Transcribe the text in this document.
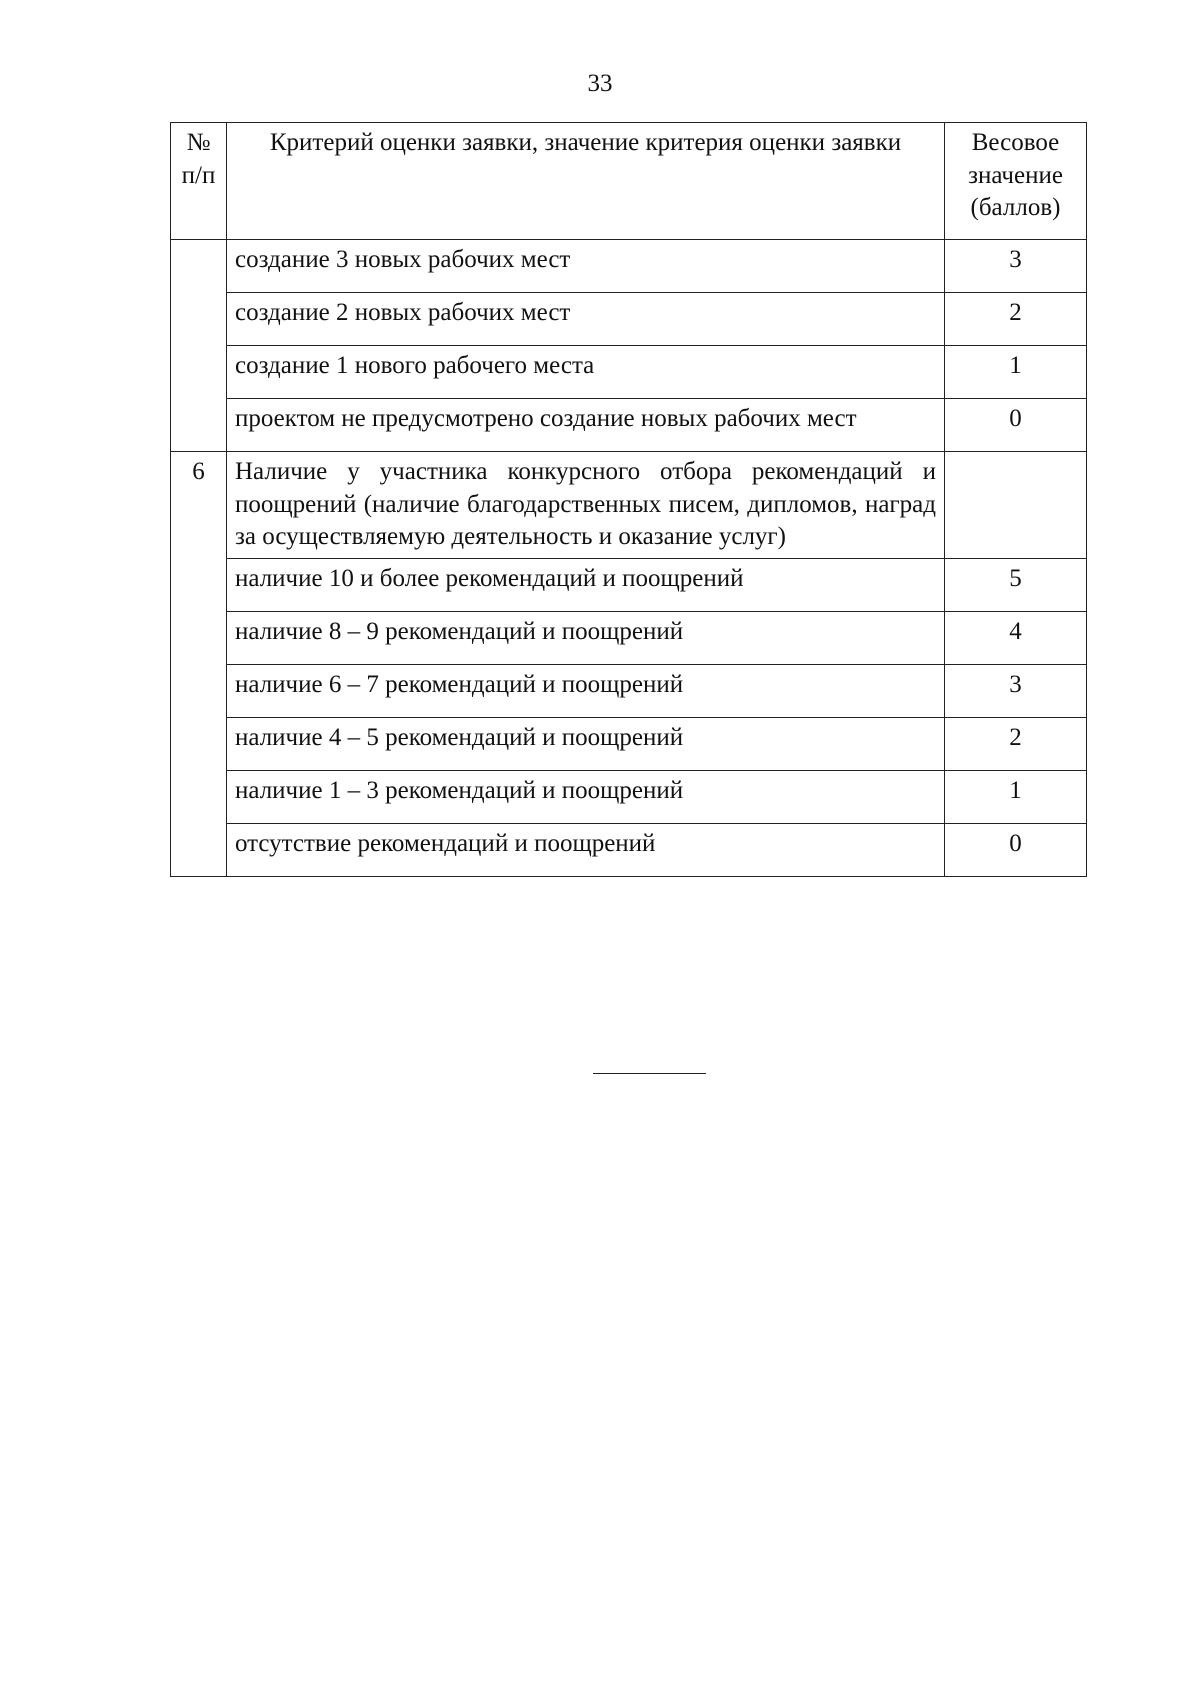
33
№ п/п	Критерий оценки заявки, значение критерия оценки заявки	Весовое значение (баллов)
	создание 3 новых рабочих мест	3
	создание 2 новых рабочих мест	2
	создание 1 нового рабочего места	1
	проектом не предусмотрено создание новых рабочих мест	0
6	Наличие у участника конкурсного отбора рекомендаций и поощрений (наличие благодарственных писем, дипломов, наград за осуществляемую деятельность и оказание услуг)	
	наличие 10 и более рекомендаций и поощрений	5
	наличие 8 – 9 рекомендаций и поощрений	4
	наличие 6 – 7 рекомендаций и поощрений	3
	наличие 4 – 5 рекомендаций и поощрений	2
	наличие 1 – 3 рекомендаций и поощрений	1
	отсутствие рекомендаций и поощрений	0
